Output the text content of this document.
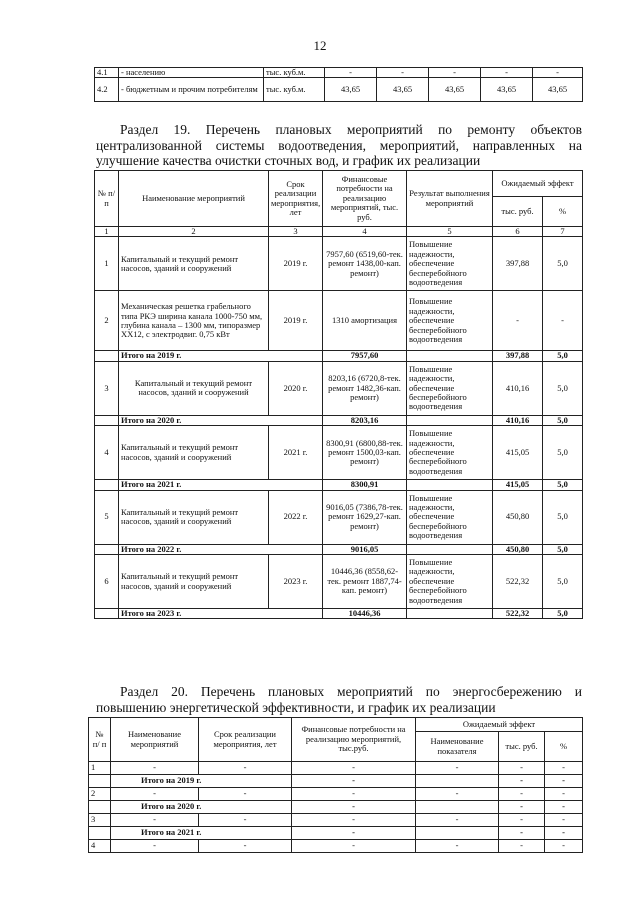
12
4.1	- населению	тыс. куб.м.	-	-	-	-	-
4.2	- бюджетным и прочим потребителям	тыс. куб.м.	43,65	43,65	43,65	43,65	43,65
Раздел 19. Перечень плановых мероприятий по ремонту объектов централизованной системы водоотведения, мероприятий, направленных на улучшение качества очистки сточных вод, и график их реализации
№ п/ п	Наименование мероприятий	Срок реализации мероприятия, лет	Финансовые потребности на реализацию мероприятий, тыс. руб.	Результат выполнения мероприятий	Ожидаемый эффект	
					тыс. руб.	%
1	2	3	4	5	6	7
1	Капитальный и текущий ремонт насосов, зданий и сооружений	2019 г.	7957,60 (6519,60-тек. ремонт 1438,00-кап. ремонт)	Повышение надежности, обеспечение бесперебойного водоотведения	397,88	5,0
2	Механическая решетка грабельного типа РКЭ ширина канала 1000-750 мм, глубина канала – 1300 мм, типоразмер ХХ12, с электродвиг. 0,75 кВт	2019 г.	1310 амортизация	Повышение надежности, обеспечение бесперебойного водоотведения	-	-
	Итого на 2019 г.		7957,60		397,88	5,0
3	Капитальный и текущий ремонт насосов, зданий и сооружений	2020 г.	8203,16 (6720,8-тек. ремонт 1482,36-кап. ремонт)	Повышение надежности, обеспечение бесперебойного водоотведения	410,16	5,0
	Итого на 2020 г.		8203,16		410,16	5,0
4	Капитальный и текущий ремонт насосов, зданий и сооружений	2021 г.	8300,91 (6800,88-тек. ремонт 1500,03-кап. ремонт)	Повышение надежности, обеспечение бесперебойного водоотведения	415,05	5,0
	Итого на 2021 г.		8300,91		415,05	5,0
5	Капитальный и текущий ремонт насосов, зданий и сооружений	2022 г.	9016,05 (7386,78-тек. ремонт 1629,27-кап. ремонт)	Повышение надежности, обеспечение бесперебойного водоотведения	450,80	5,0
	Итого на 2022 г.		9016,05		450,80	5,0
6	Капитальный и текущий ремонт насосов, зданий и сооружений	2023 г.	10446,36 (8558,62-тек. ремонт 1887,74-кап. ремонт)	Повышение надежности, обеспечение бесперебойного водоотведения	522,32	5,0
	Итого на 2023 г.		10446,36		522,32	5,0
Раздел 20. Перечень плановых мероприятий по энергосбережению и повышению энергетической эффективности, и график их реализации
№ п/ п	Наименование мероприятий	Срок реализации мероприятия, лет	Финансовые потребности на реализацию мероприятий, тыс.руб.	Ожидаемый эффект		
				Наименование показателя	тыс. руб.	%
1	-	-	-	-	-	-
	Итого на 2019 г.		-		-	-
2	-	-	-	-	-	-
	Итого на 2020 г.		-		-	-
3	-	-	-	-	-	-
	Итого на 2021 г.		-		-	-
4	-	-	-	-	-	-
